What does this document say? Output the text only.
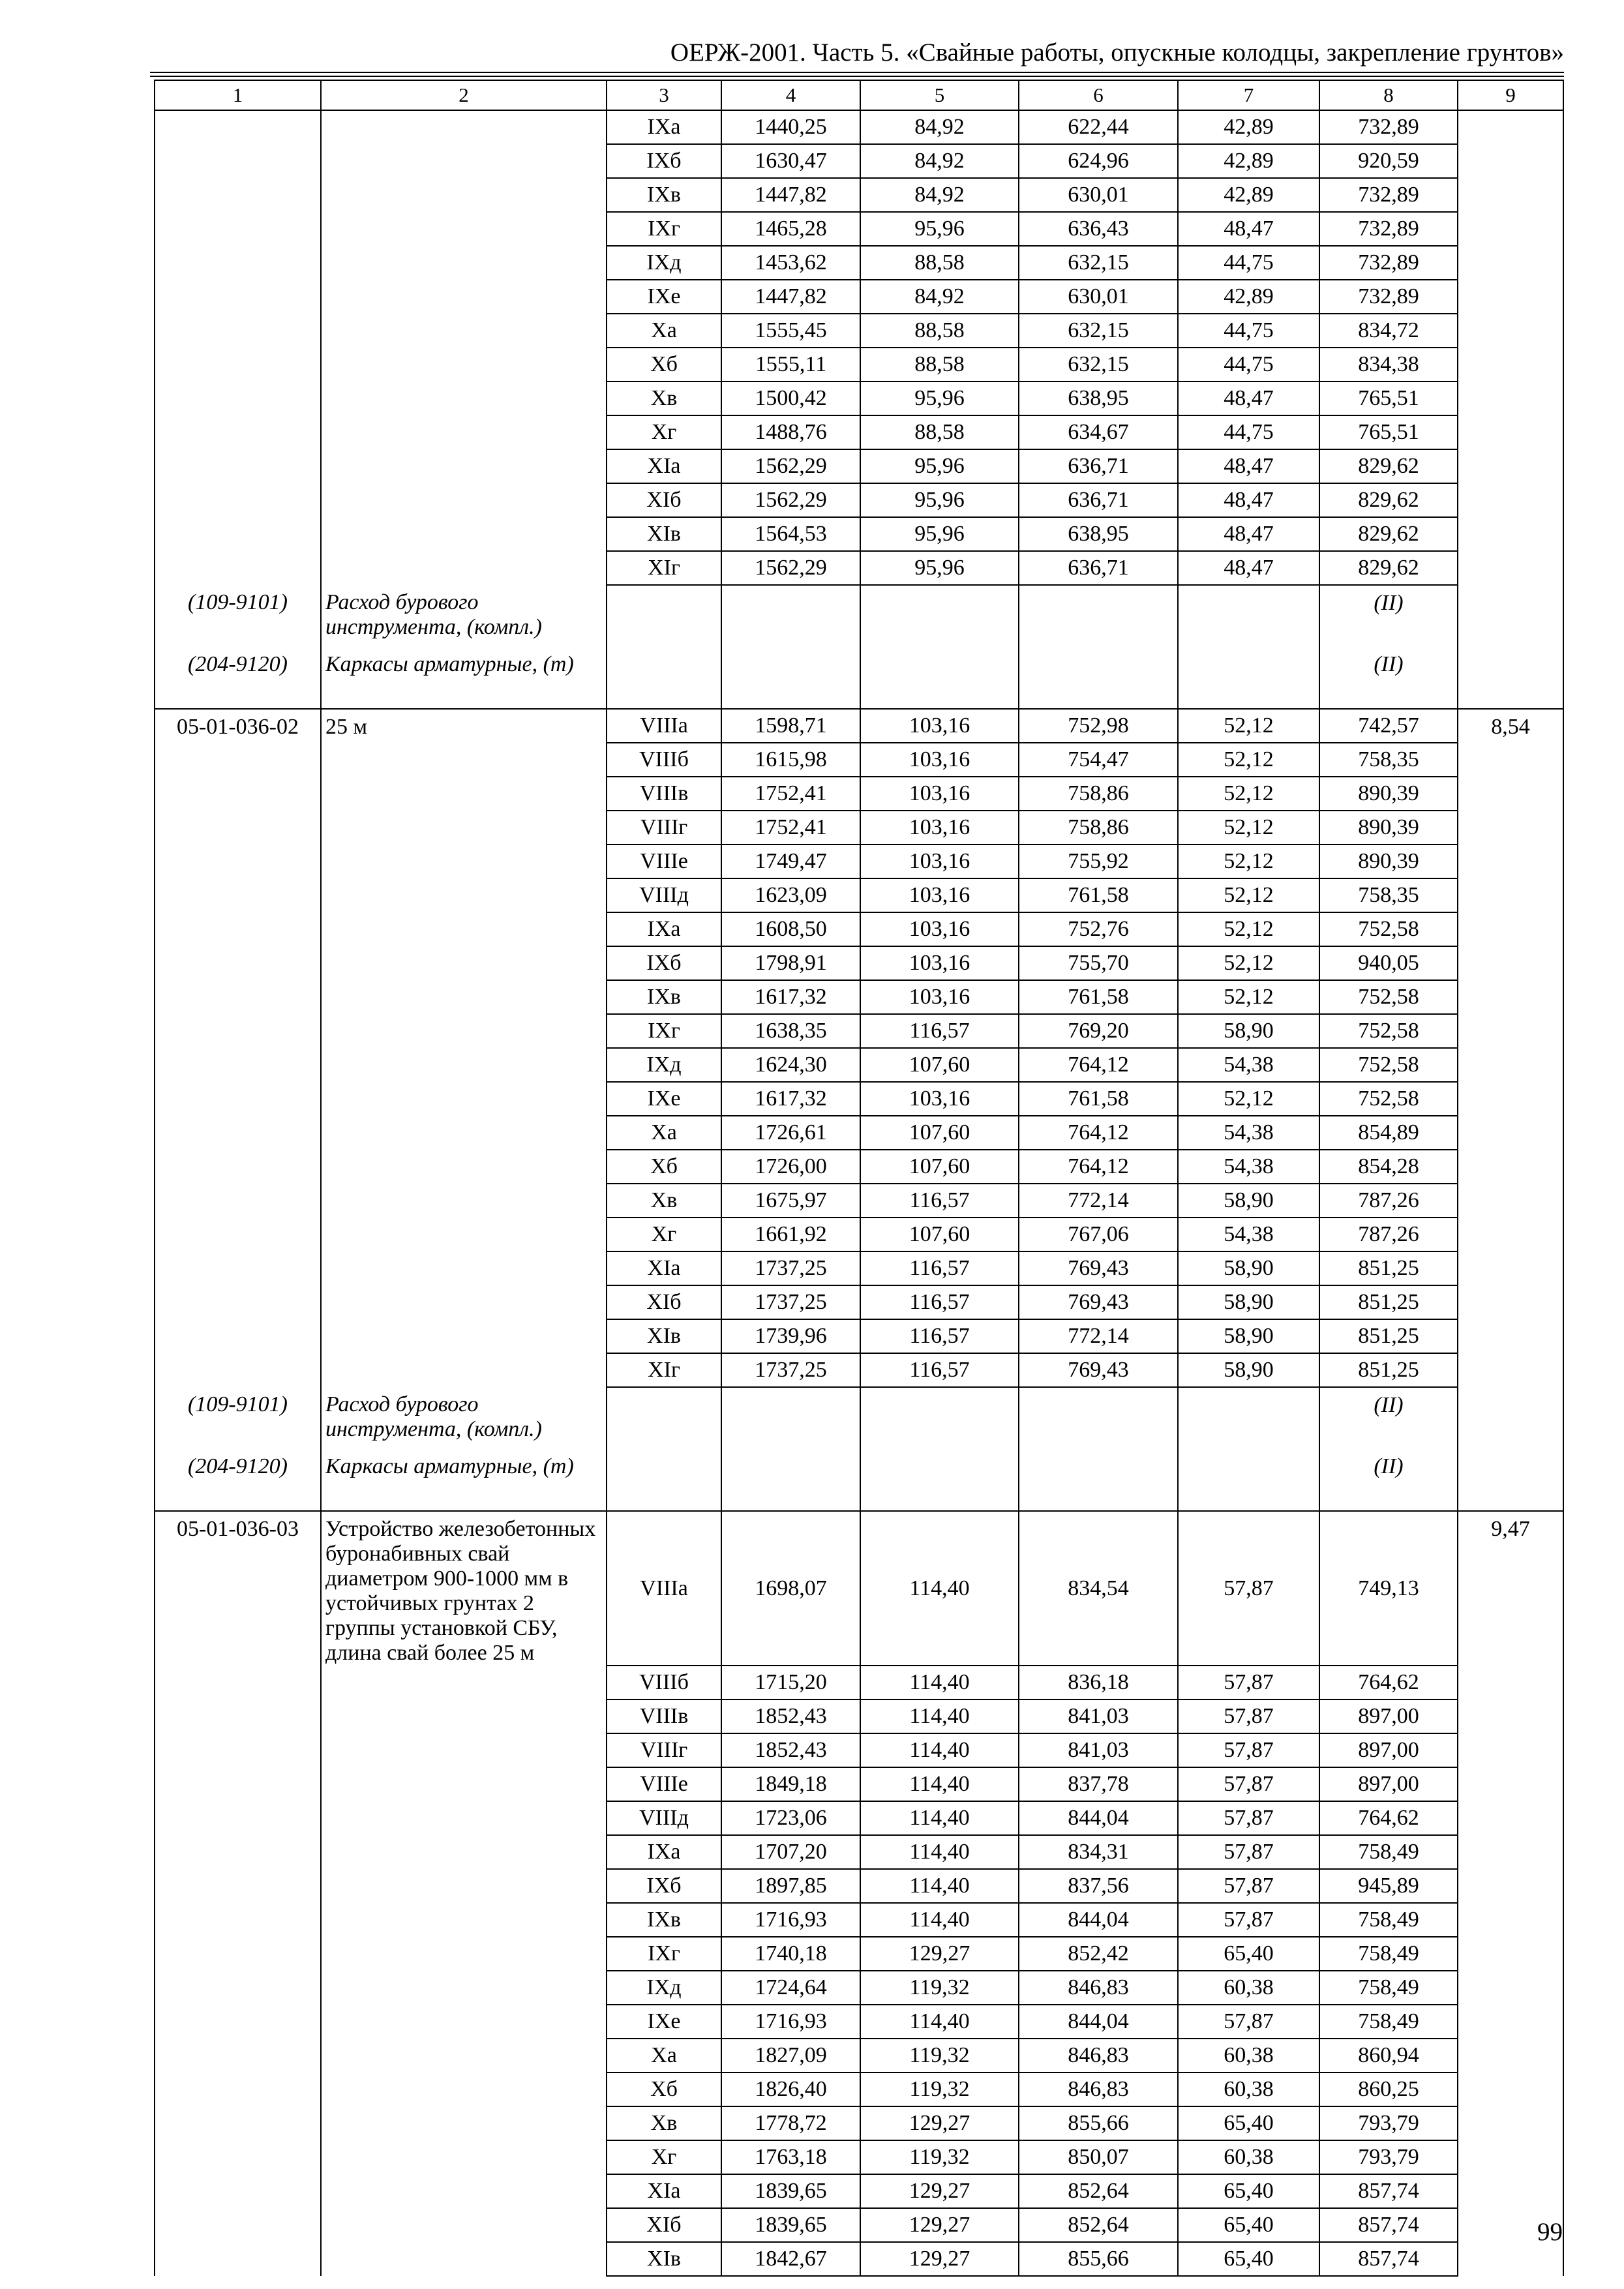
ОЕРЖ-2001. Часть 5. «Свайные работы, опускные колодцы, закрепление грунтов»
1	2	3	4	5	6	7	8	9
		IXа	1440,25	84,92	622,44	42,89	732,89	
		IXб	1630,47	84,92	624,96	42,89	920,59	
		IXв	1447,82	84,92	630,01	42,89	732,89	
		IXг	1465,28	95,96	636,43	48,47	732,89	
		IXд	1453,62	88,58	632,15	44,75	732,89	
		IXе	1447,82	84,92	630,01	42,89	732,89	
		Xа	1555,45	88,58	632,15	44,75	834,72	
		Xб	1555,11	88,58	632,15	44,75	834,38	
		Xв	1500,42	95,96	638,95	48,47	765,51	
		Xг	1488,76	88,58	634,67	44,75	765,51	
		XIа	1562,29	95,96	636,71	48,47	829,62	
		XIб	1562,29	95,96	636,71	48,47	829,62	
		XIв	1564,53	95,96	638,95	48,47	829,62	
		XIг	1562,29	95,96	636,71	48,47	829,62	
(109-9101)	Расход бурового инструмента, (компл.)						(II)	
(204-9120)	Каркасы арматурные, (т)						(II)	
05-01-036-02	25 м	VIIIа	1598,71	103,16	752,98	52,12	742,57	8,54
		VIIIб	1615,98	103,16	754,47	52,12	758,35	
		VIIIв	1752,41	103,16	758,86	52,12	890,39	
		VIIIг	1752,41	103,16	758,86	52,12	890,39	
		VIIIе	1749,47	103,16	755,92	52,12	890,39	
		VIIIд	1623,09	103,16	761,58	52,12	758,35	
		IXа	1608,50	103,16	752,76	52,12	752,58	
		IXб	1798,91	103,16	755,70	52,12	940,05	
		IXв	1617,32	103,16	761,58	52,12	752,58	
		IXг	1638,35	116,57	769,20	58,90	752,58	
		IXд	1624,30	107,60	764,12	54,38	752,58	
		IXе	1617,32	103,16	761,58	52,12	752,58	
		Xа	1726,61	107,60	764,12	54,38	854,89	
		Xб	1726,00	107,60	764,12	54,38	854,28	
		Xв	1675,97	116,57	772,14	58,90	787,26	
		Xг	1661,92	107,60	767,06	54,38	787,26	
		XIа	1737,25	116,57	769,43	58,90	851,25	
		XIб	1737,25	116,57	769,43	58,90	851,25	
		XIв	1739,96	116,57	772,14	58,90	851,25	
		XIг	1737,25	116,57	769,43	58,90	851,25	
(109-9101)	Расход бурового инструмента, (компл.)						(II)	
(204-9120)	Каркасы арматурные, (т)						(II)	
05-01-036-03	Устройство железобетонных буронабивных свай диаметром 900-1000 мм в устойчивых грунтах 2 группы установкой СБУ, длина свай более 25 м	VIIIа	1698,07	114,40	834,54	57,87	749,13	9,47
		VIIIб	1715,20	114,40	836,18	57,87	764,62	
		VIIIв	1852,43	114,40	841,03	57,87	897,00	
		VIIIг	1852,43	114,40	841,03	57,87	897,00	
		VIIIе	1849,18	114,40	837,78	57,87	897,00	
		VIIIд	1723,06	114,40	844,04	57,87	764,62	
		IXа	1707,20	114,40	834,31	57,87	758,49	
		IXб	1897,85	114,40	837,56	57,87	945,89	
		IXв	1716,93	114,40	844,04	57,87	758,49	
		IXг	1740,18	129,27	852,42	65,40	758,49	
		IXд	1724,64	119,32	846,83	60,38	758,49	
		IXе	1716,93	114,40	844,04	57,87	758,49	
		Xа	1827,09	119,32	846,83	60,38	860,94	
		Xб	1826,40	119,32	846,83	60,38	860,25	
		Xв	1778,72	129,27	855,66	65,40	793,79	
		Xг	1763,18	119,32	850,07	60,38	793,79	
		XIа	1839,65	129,27	852,64	65,40	857,74	
		XIб	1839,65	129,27	852,64	65,40	857,74	
		XIв	1842,67	129,27	855,66	65,40	857,74	
99
